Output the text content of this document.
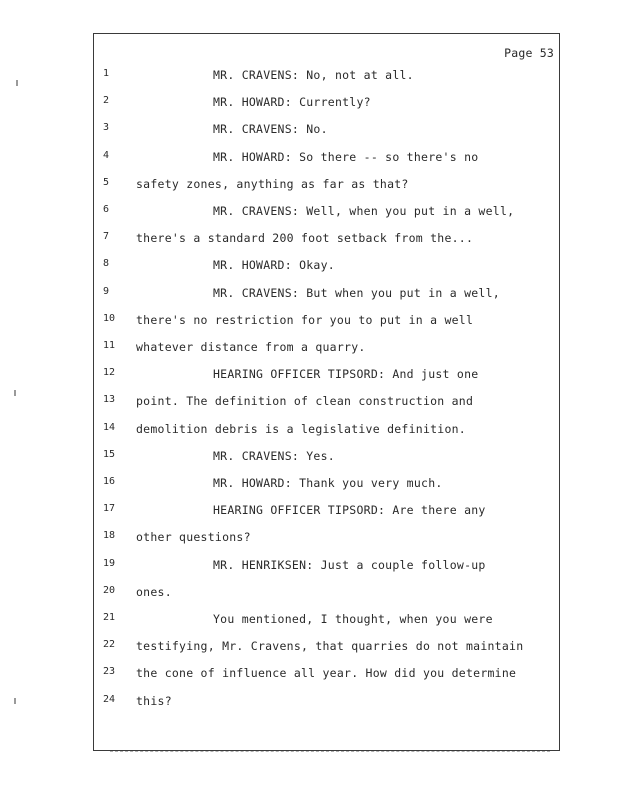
Page 53
1	MR. CRAVENS: No, not at all.
2	MR. HOWARD: Currently?
3	MR. CRAVENS: No.
4	MR. HOWARD: So there -- so there's no
5	safety zones, anything as far as that?
6	MR. CRAVENS: Well, when you put in a well,
7	there's a standard 200 foot setback from the...
8	MR. HOWARD: Okay.
9	MR. CRAVENS: But when you put in a well,
10 there's no restriction for you to put in a well
11 whatever distance from a quarry.
12	HEARING OFFICER TIPSORD: And just one
13 point. The definition of clean construction and
14 demolition debris is a legislative definition.
15	MR. CRAVENS: Yes.
16	MR. HOWARD: Thank you very much.
17	HEARING OFFICER TIPSORD: Are there any
18 other questions?
19	MR. HENRIKSEN: Just a couple follow-up
20 ones.
21	You mentioned, I thought, when you were
22 testifying, Mr. Cravens, that quarries do not maintain
23 the cone of influence all year. How did you determine
24 this?
